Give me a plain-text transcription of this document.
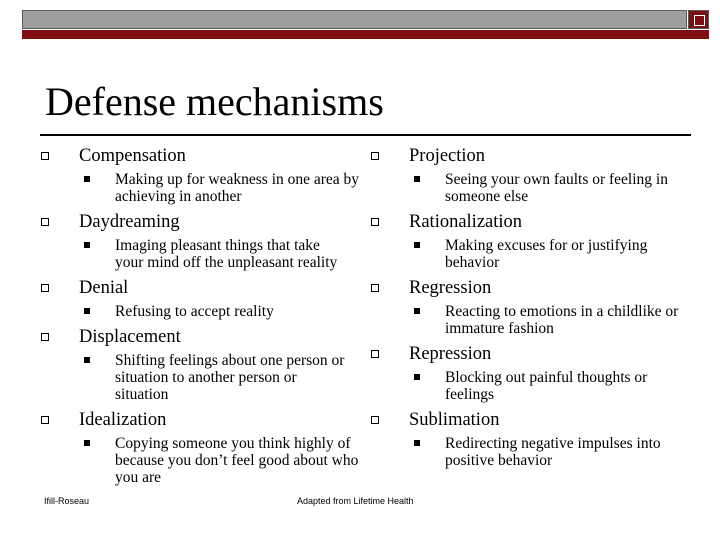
Defense mechanisms
Compensation
Making up for weakness in one area by achieving in another
Daydreaming
Imaging pleasant things that take your mind off the unpleasant reality
Denial
Refusing to accept reality
Displacement
Shifting feelings about one person or situation to another person or situation
Idealization
Copying someone you think highly of because you don’t feel good about who you are
Projection
Seeing your own faults or feeling in someone else
Rationalization
Making excuses for or justifying behavior
Regression
Reacting to emotions in a childlike or immature fashion
Repression
Blocking out painful thoughts or feelings
Sublimation
Redirecting negative impulses into positive behavior
Ifill-Roseau	Adapted from Lifetime Health
